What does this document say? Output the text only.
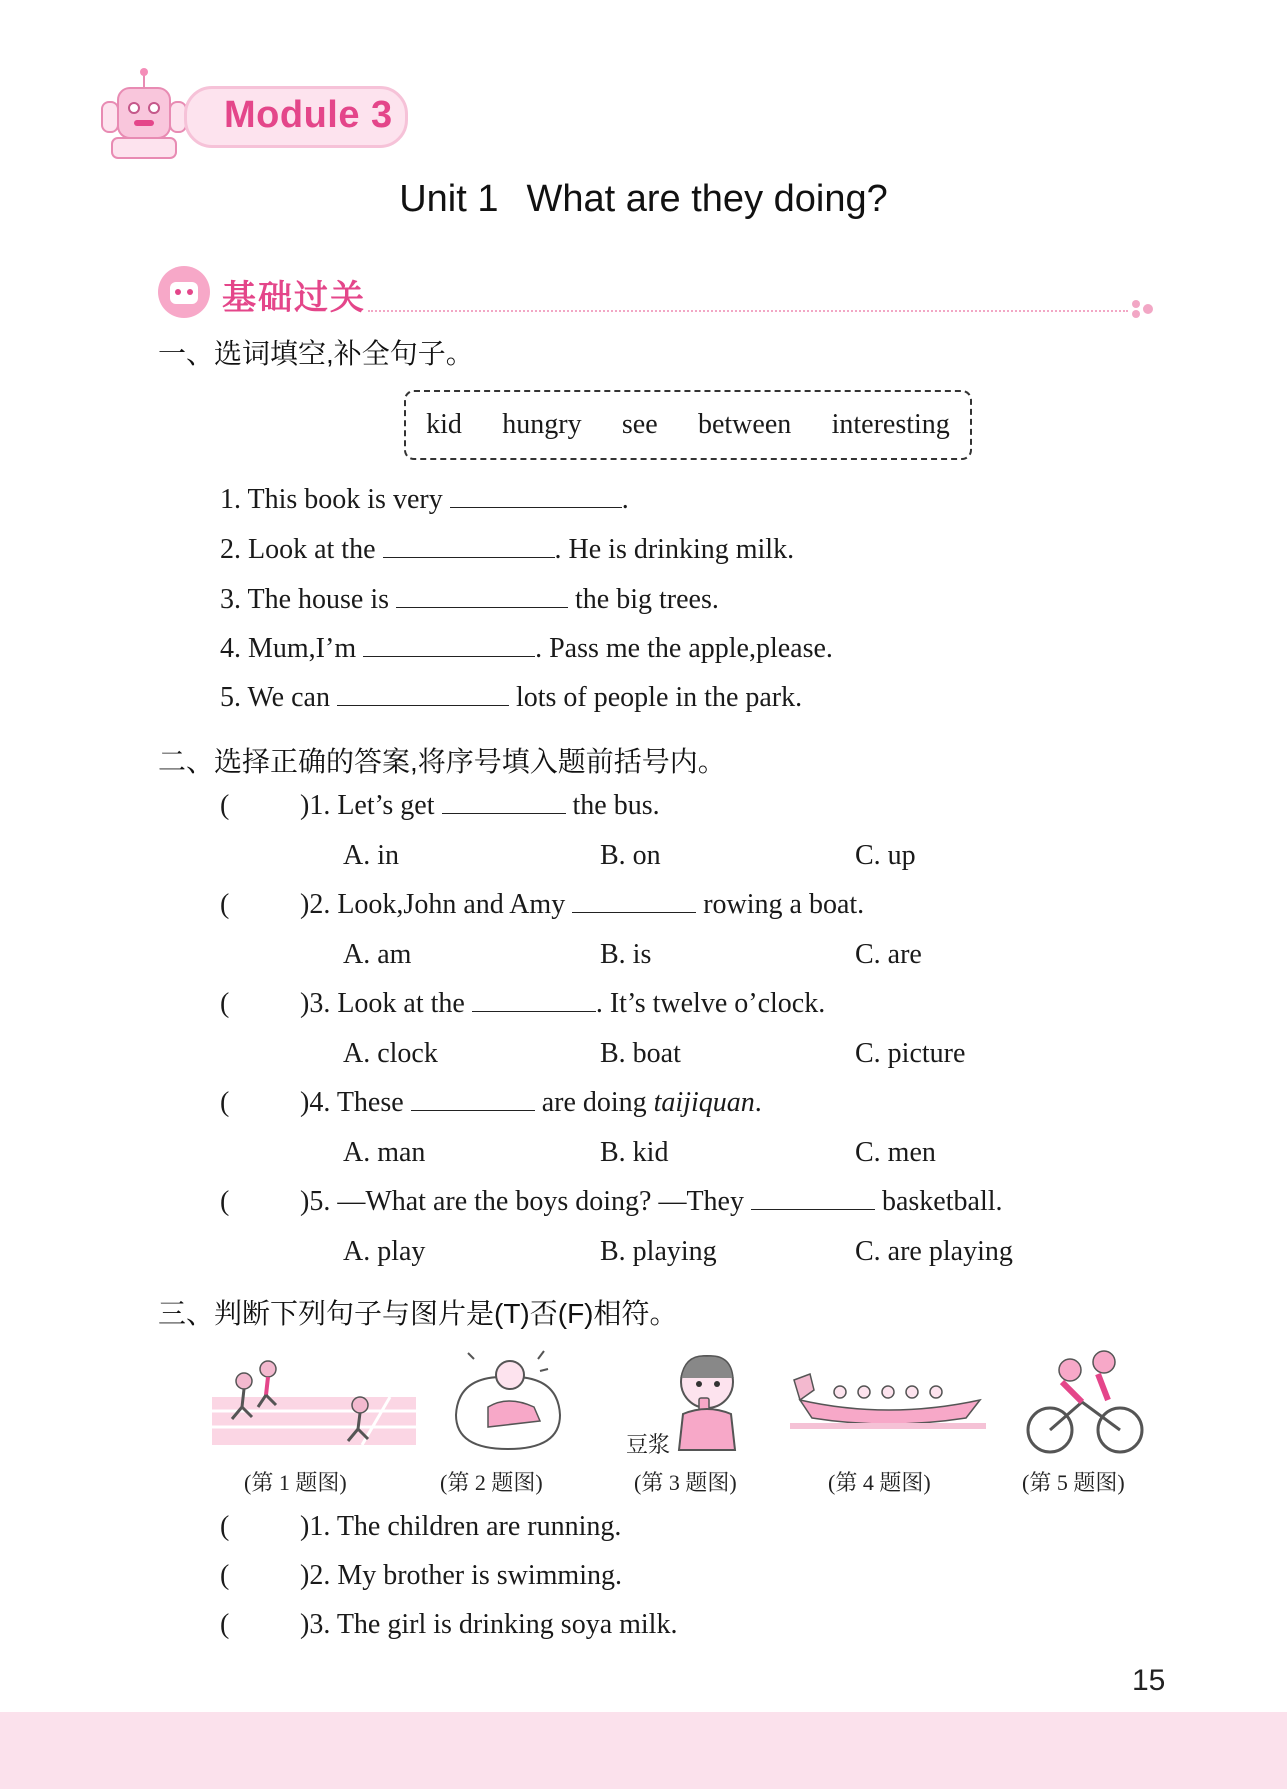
Module 3
Unit 1 What are they doing?
基础过关
一、选词填空,补全句子。
kid hungry see between interesting
1. This book is very	.
2. Look at the	. He is drinking milk.
3. The house is	the big trees.
4. Mum,I’m	. Pass me the apple,please.
5. We can	lots of people in the park.
二、选择正确的答案,将序号填入题前括号内。
(	)1. Let’s get	the bus.
A. in	B. on	C. up
(	)2. Look,John and Amy	rowing a boat.
A. am	B. is	C. are
(	)3. Look at the	. It’s twelve o’clock.
A. clock	B. boat	C. picture
(	)4. These	are doing taijiquan.
A. man	B. kid	C. men
(	)5. —What are the boys doing? —They	basketball.
A. play	B. playing	C. are playing
三、判断下列句子与图片是(T)否(F)相符。
豆浆
(第 1 题图)	(第 2 题图)	(第 3 题图)	(第 4 题图)	(第 5 题图)
(	)1. The children are running.
(	)2. My brother is swimming.
(	)3. The girl is drinking soya milk.
15
